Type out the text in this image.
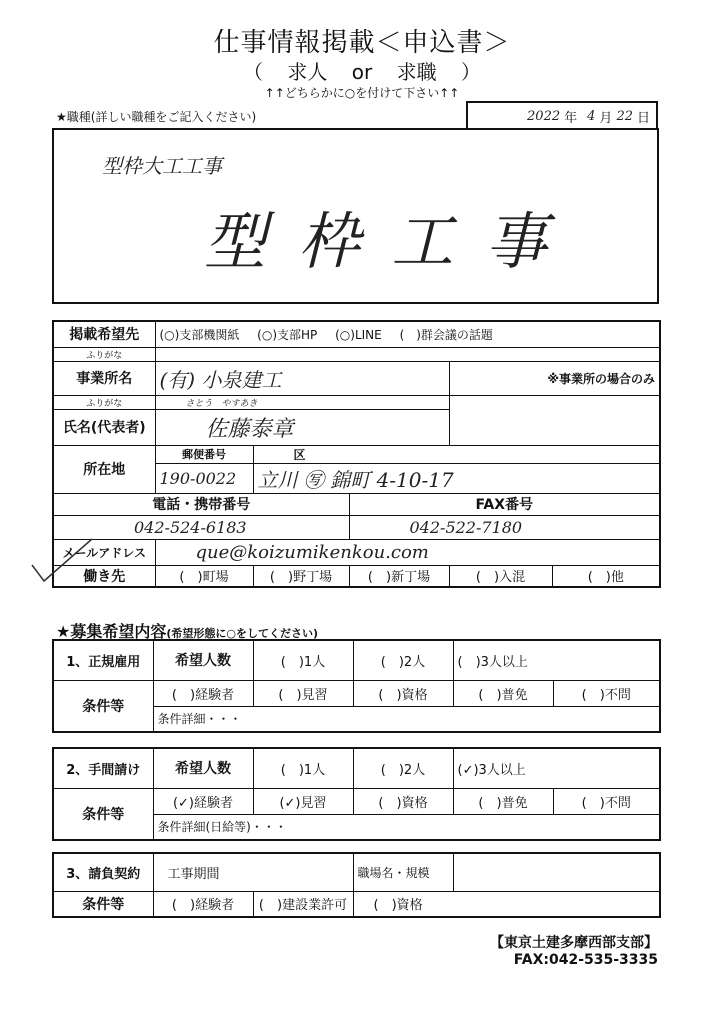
仕事情報掲載＜申込書＞
（ 求人 or 求職 ）
↑↑どちらかに○を付けて下さい↑↑
★職種(詳しい職種をご記入ください)	2022 年 4 月 22 日
型枠大工工事
型 枠 工 事
掲載希望先	(○)支部機関紙 (○)支部HP (○)LINE (　)群会議の話題				
ふりがな					
事業所名	(有) 小泉建工			※事業所の場合のみ	
ふりがな	さとう　やすあき				
氏名(代表者)	佐藤泰章				
所在地	郵便番号	区			
	190-0022	立川 ㊢ 錦町 4-10-17			
電話・携帯番号			FAX番号		
042-524-6183			042-522-7180		
メールアドレス	que@koizumikenkou.com				
働き先	(　)町場	(　)野丁場	(　)新丁場	(　)入混	(　)他
★募集希望内容(希望形態に○をしてください)
1、正規雇用	希望人数	(　)1人	(　)2人	(　)3人以上	
条件等	(　)経験者	(　)見習	(　)資格	(　)普免	(　)不問
	条件詳細・・・				
2、手間請け	希望人数	(　)1人	(　)2人	(✓)3人以上	
条件等	(✓)経験者	(✓)見習	(　)資格	(　)普免	(　)不問
	条件詳細(日給等)・・・				
3、請負契約	工事期間		職場名・規模	
条件等	(　)経験者	(　)建設業許可	(　)資格	
【東京土建多摩西部支部】
FAX:042-535-3335
